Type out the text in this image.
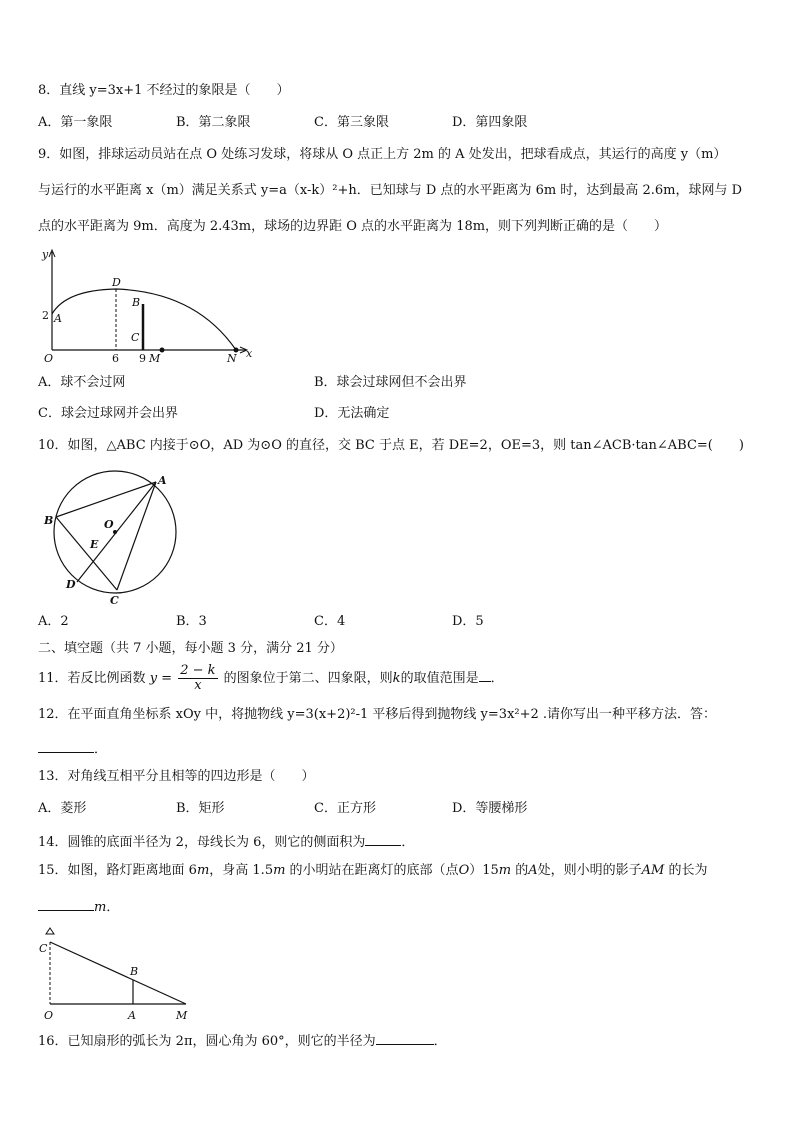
8．直线 y=3x+1 不经过的象限是（　　）
A．第一象限	B．第二象限	C．第三象限	D．第四象限
9．如图，排球运动员站在点 O 处练习发球，将球从 O 点正上方 2m 的 A 处发出，把球看成点，其运行的高度 y（m）
与运行的水平距离 x（m）满足关系式 y=a（x-k）²+h．已知球与 D 点的水平距离为 6m 时，达到最高 2.6m，球网与 D
点的水平距离为 9m．高度为 2.43m，球场的边界距 O 点的水平距离为 18m，则下列判断正确的是（　　）
y
D
B
C
2 A
O	6 9 M	N x
A．球不会过网	B．球会过球网但不会出界
C．球会过球网并会出界	D．无法确定
10．如图，△ABC 内接于⊙O，AD 为⊙O 的直径，交 BC 于点 E，若 DE=2，OE=3，则 tan∠ACB·tan∠ABC=(　　)
A
B	O
E
D
C
A．2	B．3	C．4	D．5
二、填空题（共 7 小题，每小题 3 分，满分 21 分）
11．若反比例函数 $y = \frac{2 - k}{x}$ 的图象位于第二、四象限，则k的取值范围是 ．
12．在平面直角坐标系 xOy 中，将抛物线 y=3(x+2)²-1 平移后得到抛物线 y=3x²+2 .请你写出一种平移方法．答：
．
13．对角线互相平分且相等的四边形是（　　）
A．菱形	B．矩形	C．正方形	D．等腰梯形
14．圆锥的底面半径为 2，母线长为 6，则它的侧面积为	．
15．如图，路灯距离地面 6m，身高 1.5m 的小明站在距离灯的底部（点O）15m 的A处，则小明的影子AM 的长为
m．
C
B
O	A	M
16．已知扇形的弧长为 2π，圆心角为 60°，则它的半径为	．
